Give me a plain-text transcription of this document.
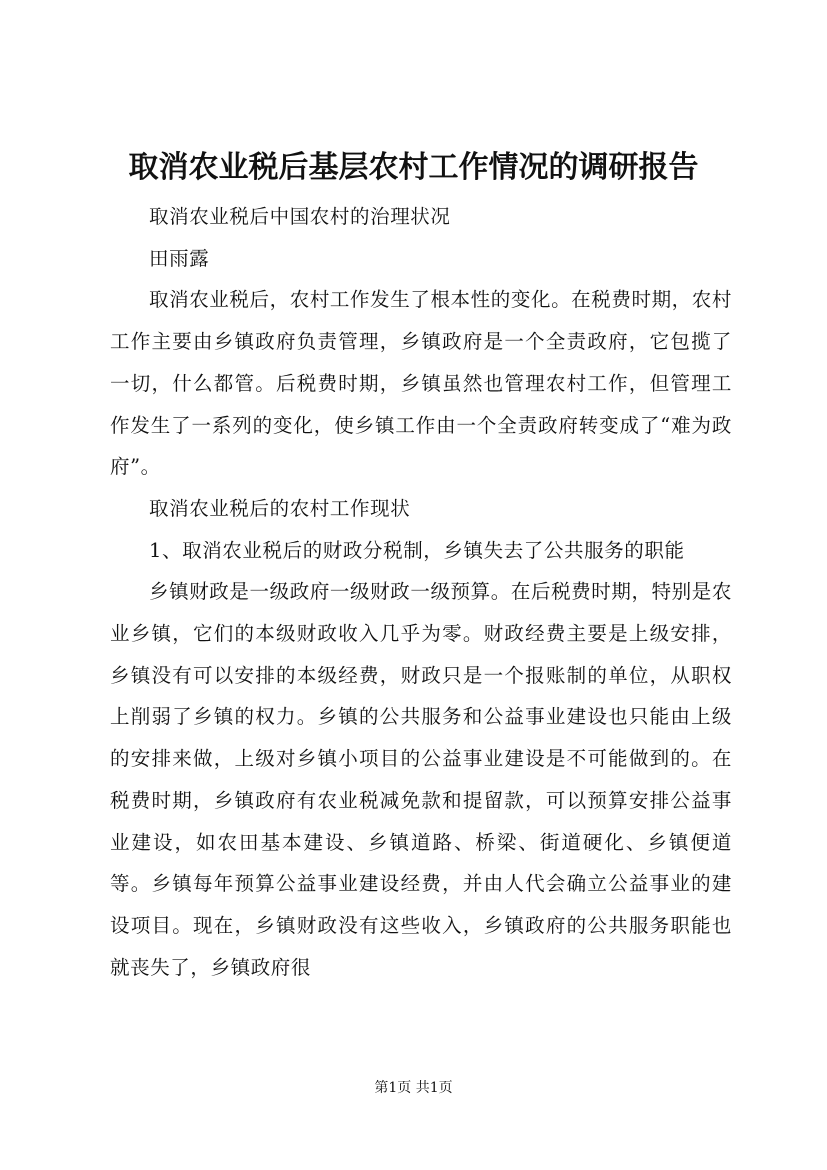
取消农业税后基层农村工作情况的调研报告

取消农业税后中国农村的治理状况

田雨露

取消农业税后，农村工作发生了根本性的变化。在税费时期，农村工作主要由乡镇政府负责管理，乡镇政府是一个全责政府，它包揽了一切，什么都管。后税费时期，乡镇虽然也管理农村工作，但管理工作发生了一系列的变化，使乡镇工作由一个全责政府转变成了“难为政府”。

取消农业税后的农村工作现状

1、取消农业税后的财政分税制，乡镇失去了公共服务的职能

乡镇财政是一级政府一级财政一级预算。在后税费时期，特别是农业乡镇，它们的本级财政收入几乎为零。财政经费主要是上级安排，乡镇没有可以安排的本级经费，财政只是一个报账制的单位，从职权上削弱了乡镇的权力。乡镇的公共服务和公益事业建设也只能由上级的安排来做，上级对乡镇小项目的公益事业建设是不可能做到的。在税费时期，乡镇政府有农业税减免款和提留款，可以预算安排公益事业建设，如农田基本建设、乡镇道路、桥梁、街道硬化、乡镇便道等。乡镇每年预算公益事业建设经费，并由人代会确立公益事业的建设项目。现在，乡镇财政没有这些收入，乡镇政府的公共服务职能也就丧失了，乡镇政府很

第1页 共1页
